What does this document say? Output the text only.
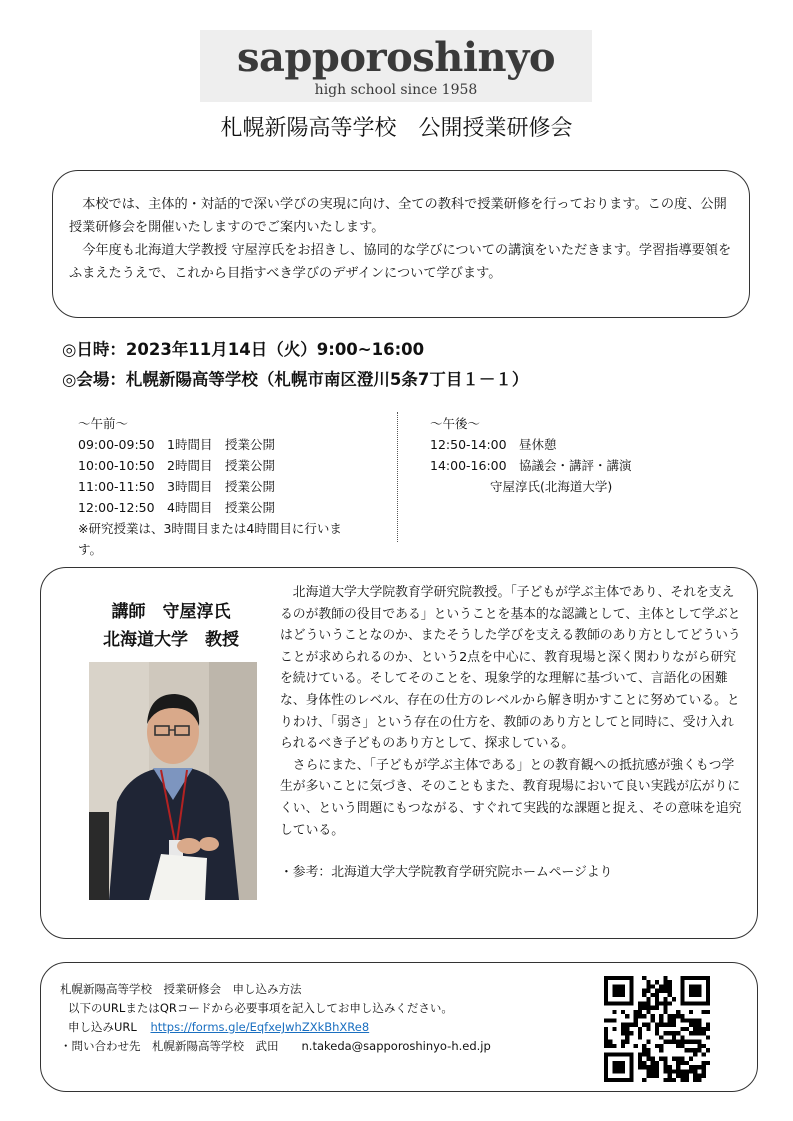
sapporoshinyo
high school since 1958
札幌新陽高等学校　公開授業研修会

本校では、主体的・対話的で深い学びの実現に向け、全ての教科で授業研修を行っております。この度、公開授業研修会を開催いたしますのでご案内いたします。

今年度も北海道大学教授 守屋淳氏をお招きし、協同的な学びについての講演をいただきます。学習指導要領をふまえたうえで、これから目指すべき学びのデザインについて学びます。

◎日時：2023年11月14日（火）9:00~16:00
◎会場：札幌新陽高等学校（札幌市南区澄川5条7丁目１－１）
～午前～
09:00-09:50　1時間目　授業公開
10:00-10:50　2時間目　授業公開
11:00-11:50　3時間目　授業公開
12:00-12:50　4時間目　授業公開
※研究授業は、3時間目または4時間目に行います。
～午後～
12:50-14:00　昼休憩
14:00-16:00　協議会・講評・講演
守屋淳氏(北海道大学)
講師　守屋淳氏
北海道大学　教授

北海道大学大学院教育学研究院教授。「子どもが学ぶ主体であり、それを支えるのが教師の役目である」ということを基本的な認識として、主体として学ぶとはどういうことなのか、またそうした学びを支える教師のあり方としてどういうことが求められるのか、という2点を中心に、教育現場と深く関わりながら研究を続けている。そしてそのことを、現象学的な理解に基づいて、言語化の困難な、身体性のレベル、存在の仕方のレベルから解き明かすことに努めている。とりわけ、「弱さ」という存在の仕方を、教師のあり方としてと同時に、受け入れられるべき子どものあり方として、探求している。

さらにまた、「子どもが学ぶ主体である」との教育観への抵抗感が強くもつ学生が多いことに気づき、そのこともまた、教育現場において良い実践が広がりにくい、という問題にもつながる、すぐれて実践的な課題と捉え、その意味を追究している。

・参考：北海道大学大学院教育学研究院ホームページより

札幌新陽高等学校　授業研修会　申し込み方法
以下のURLまたはQRコードから必要事項を記入してお申し込みください。
申し込みURL https://forms.gle/EqfxeJwhZXkBhXRe8
・問い合わせ先　札幌新陽高等学校　武田　　n.takeda@sapporoshinyo-h.ed.jp
